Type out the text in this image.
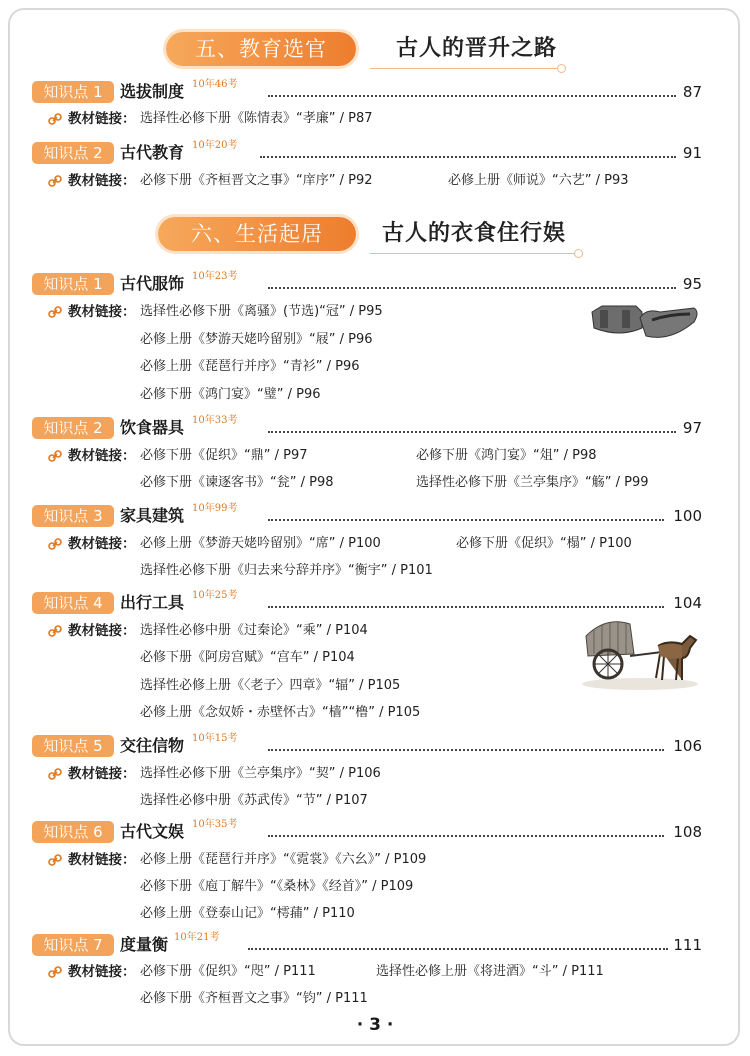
五、教育选官	古人的晋升之路
六、生活起居	古人的衣食住行娱
知识点 1	选拔制度 10年46考	87
教材链接： 选择性必修下册《陈情表》“孝廉” / P87
知识点 2	古代教育 10年20考	91
教材链接： 必修下册《齐桓晋文之事》“庠序” / P92	必修上册《师说》“六艺” / P93
知识点 1	古代服饰 10年23考	95
教材链接： 选择性必修下册《离骚》(节选)“冠” / P95
必修上册《梦游天姥吟留别》“屐” / P96
必修上册《琵琶行并序》“青衫” / P96
必修下册《鸿门宴》“璧” / P96
知识点 2	饮食器具 10年33考	97
教材链接： 必修下册《促织》“鼎” / P97	必修下册《鸿门宴》“俎” / P98
必修下册《谏逐客书》“瓮” / P98	选择性必修下册《兰亭集序》“觞” / P99
知识点 3	家具建筑 10年99考	100
教材链接： 必修上册《梦游天姥吟留别》“席” / P100	必修下册《促织》“榻” / P100
选择性必修下册《归去来兮辞并序》“衡宇” / P101
知识点 4	出行工具 10年25考	104
教材链接： 选择性必修中册《过秦论》“乘” / P104
必修下册《阿房宫赋》“宫车” / P104
选择性必修上册《〈老子〉四章》“辐” / P105
必修上册《念奴娇・赤壁怀古》“樯”“橹” / P105
知识点 5	交往信物 10年15考	106
教材链接： 选择性必修下册《兰亭集序》“契” / P106
选择性必修中册《苏武传》“节” / P107
知识点 6	古代文娱 10年35考	108
教材链接： 必修上册《琵琶行并序》“《霓裳》《六幺》” / P109
必修下册《庖丁解牛》“《桑林》《经首》” / P109
必修上册《登泰山记》“樗蒱” / P110
知识点 7	度量衡 10年21考	111
教材链接： 必修下册《促织》“咫” / P111	选择性必修上册《将进酒》“斗” / P111
必修下册《齐桓晋文之事》“钧” / P111
· 3 ·
